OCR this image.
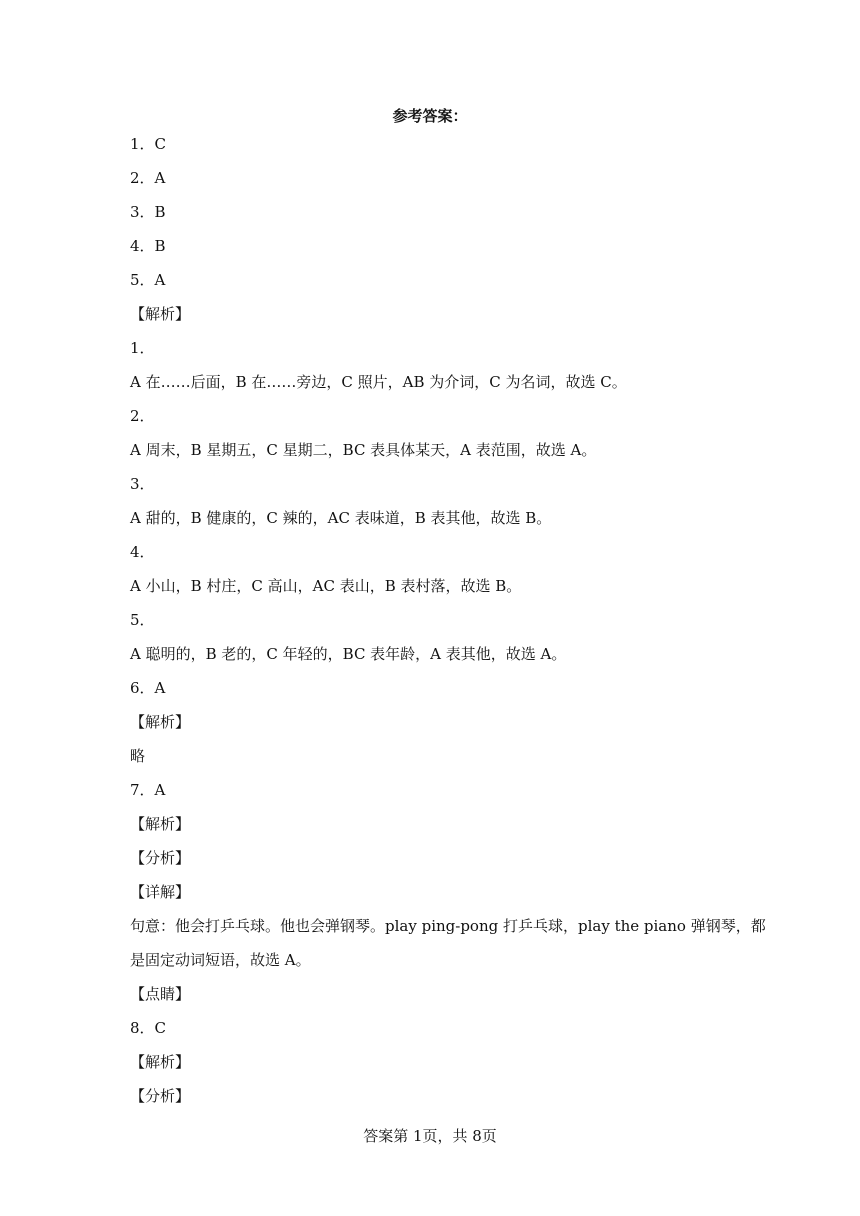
参考答案：
1．C
2．A
3．B
4．B
5．A
【解析】
1．
A 在……后面，B 在……旁边，C 照片，AB 为介词，C 为名词，故选 C。
2．
A 周末，B 星期五，C 星期二，BC 表具体某天，A 表范围，故选 A。
3．
A 甜的，B 健康的，C 辣的，AC 表味道，B 表其他，故选 B。
4．
A 小山，B 村庄，C 高山，AC 表山，B 表村落，故选 B。
5．
A 聪明的，B 老的，C 年轻的，BC 表年龄，A 表其他，故选 A。
6．A
【解析】
略
7．A
【解析】
【分析】
【详解】
句意：他会打乒乓球。他也会弹钢琴。play ping-pong 打乒乓球，play the piano 弹钢琴，都
是固定动词短语，故选 A。
【点睛】
8．C
【解析】
【分析】
答案第 1页，共 8页
